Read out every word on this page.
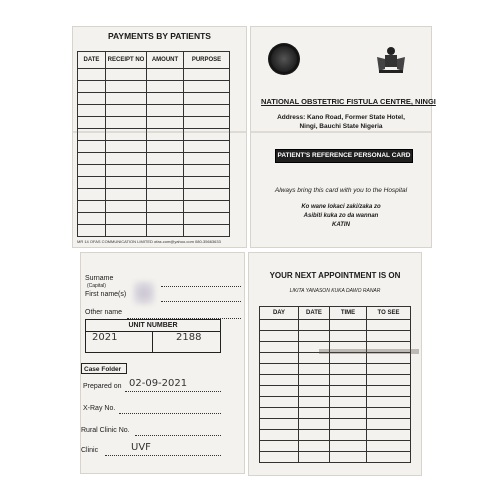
PAYMENTS BY PATIENTS
DATE	RECEIPT NO	AMOUNT	PURPOSE

MR 14 OFAS COMMUNICATION LIMITED ofas.com@yahoo.com 080-35663633
NATIONAL OBSTETRIC FISTULA CENTRE, NINGI
Address: Kano Road, Former State Hotel,
Ningi, Bauchi State Nigeria
PATIENT'S REFERENCE PERSONAL CARD
Always bring this card with you to the Hospital
Ko wane lokaci zaki/zaka zo
Asibiti kuka zo da wannan
KATIN
Surname
(Capital)
First name(s)
Other name
UNIT NUMBER
2021	2188
Case Folder
Prepared on 02-09-2021
X-Ray No.
Rural Clinic No.
Clinic	UVF
YOUR NEXT APPOINTMENT IS ON
LIKITA YANASON KUKA DAWO RANAR
DAY	DATE	TIME	TO SEE
